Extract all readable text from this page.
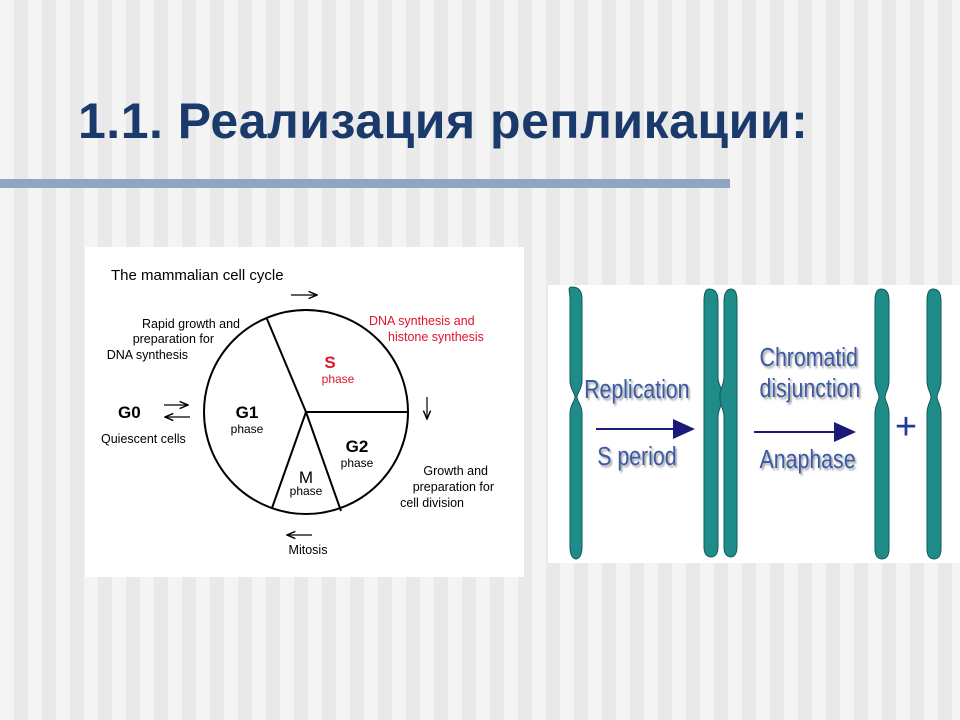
1.1. Реализация репликации:
The mammalian cell cycle
S
phase
G1
phase
G2
phase
M
phase
Rapid growth and
preparation for
DNA synthesis
DNA synthesis and
histone synthesis
Growth and
preparation for
cell division
G0
Quiescent cells
Mitosis
Replication
S period
Chromatid
disjunction
Anaphase
+
